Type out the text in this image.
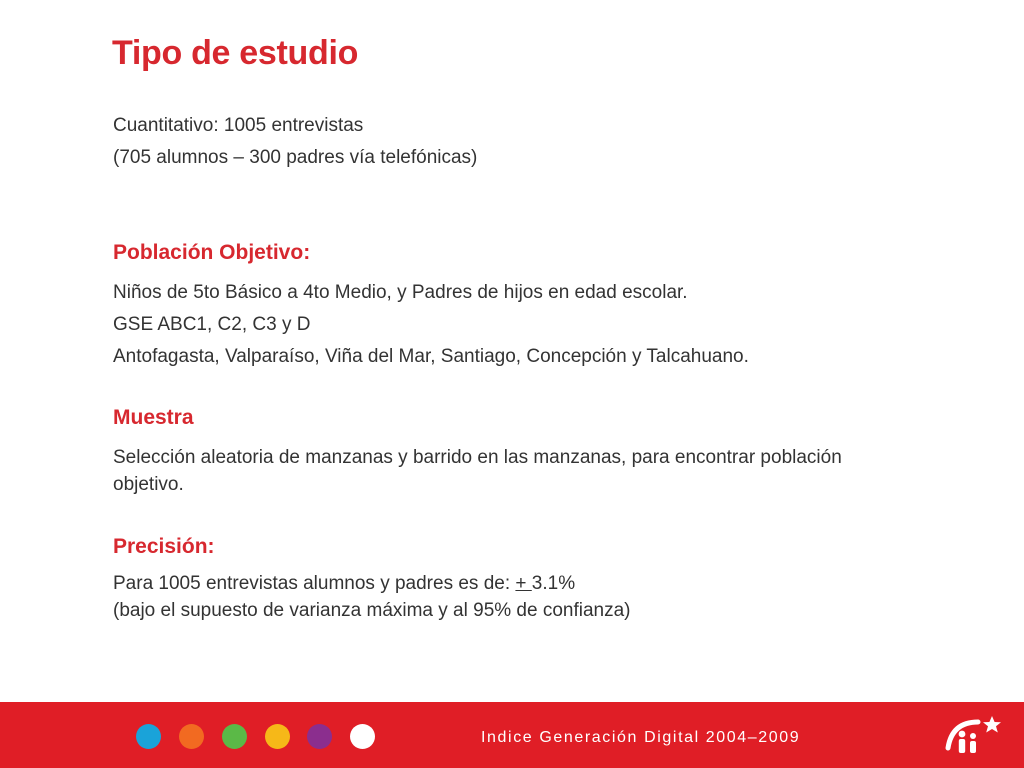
Tipo de estudio
Cuantitativo: 1005 entrevistas
(705 alumnos – 300 padres vía telefónicas)
Población Objetivo:
Niños de 5to Básico a 4to Medio, y Padres de hijos en edad escolar.
GSE ABC1, C2, C3 y D
Antofagasta, Valparaíso, Viña del Mar, Santiago, Concepción y Talcahuano.
Muestra
Selección aleatoria de manzanas y barrido en las manzanas, para encontrar población objetivo.
Precisión:
Para 1005 entrevistas alumnos y padres es de: + 3.1%
(bajo el supuesto de varianza máxima y al 95% de confianza)
Indice Generación Digital 2004–2009
